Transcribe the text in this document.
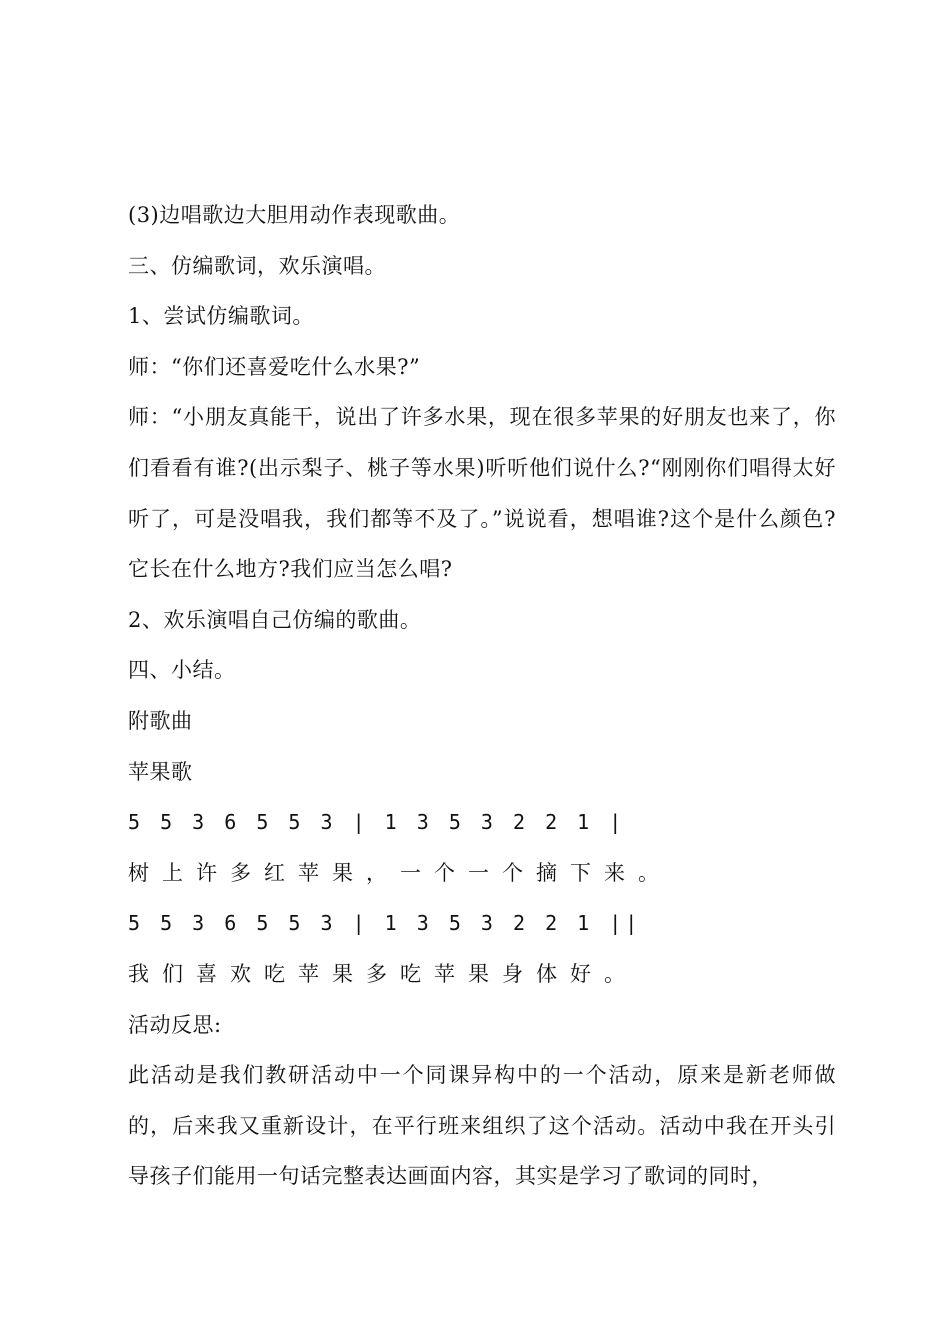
(3)边唱歌边大胆用动作表现歌曲。
三、仿编歌词，欢乐演唱。
1、尝试仿编歌词。
师：“你们还喜爱吃什么水果?”
师：“小朋友真能干，说出了许多水果，现在很多苹果的好朋友也来了，你们看看有谁?(出示梨子、桃子等水果)听听他们说什么?“刚刚你们唱得太好听了，可是没唱我，我们都等不及了。”说说看，想唱谁?这个是什么颜色?它长在什么地方?我们应当怎么唱?
2、欢乐演唱自己仿编的歌曲。
四、小结。
附歌曲
苹果歌
5 5 3 6 5 5 3 | 1 3 5 3 2 2 1 |
树上许多红苹果，一个一个摘下来。
5 5 3 6 5 5 3 | 1 3 5 3 2 2 1 ||
我们喜欢吃苹果多吃苹果身体好。
活动反思:
此活动是我们教研活动中一个同课异构中的一个活动，原来是新老师做的，后来我又重新设计，在平行班来组织了这个活动。活动中我在开头引导孩子们能用一句话完整表达画面内容，其实是学习了歌词的同时，
